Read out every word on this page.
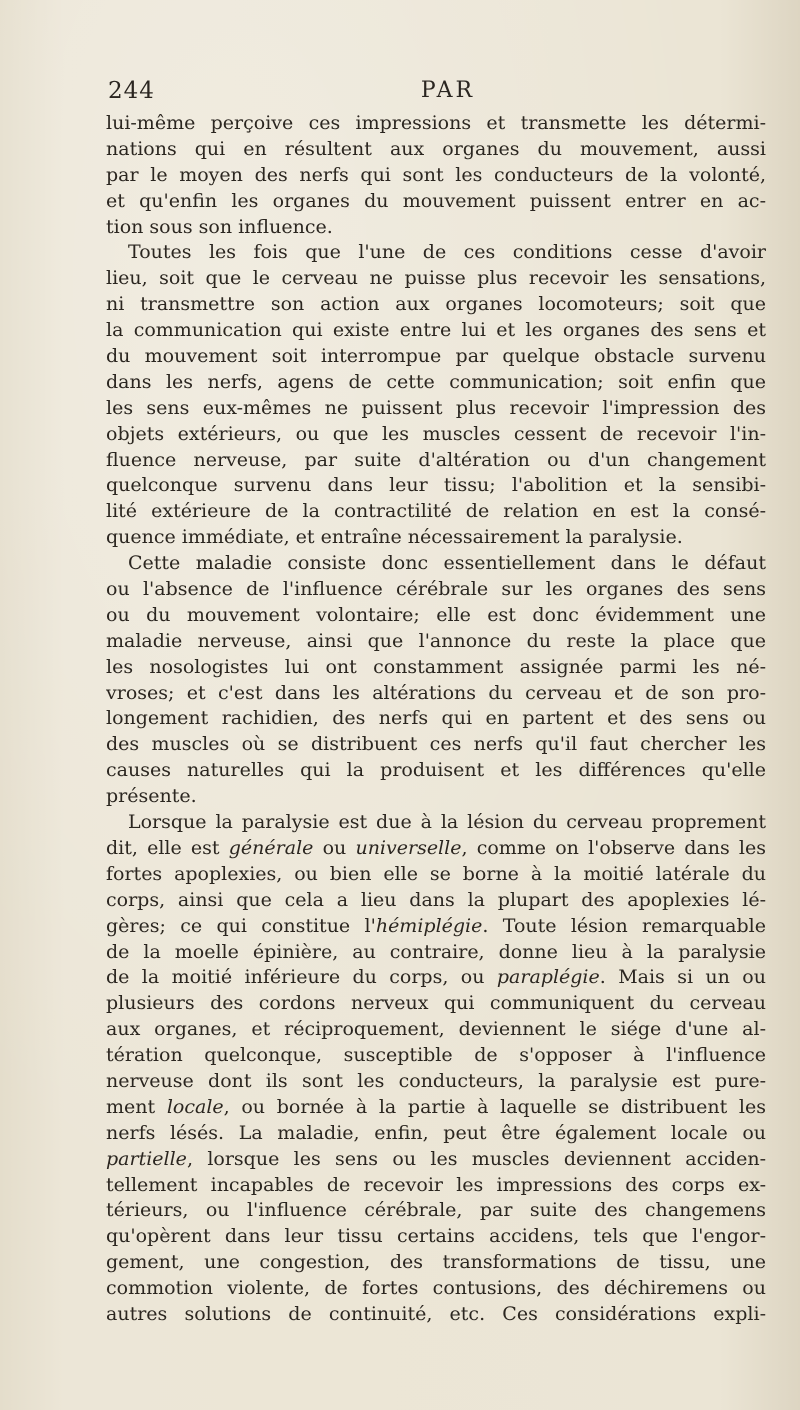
244	PAR
lui-même perçoive ces impressions et transmette les détermi-
nations qui en résultent aux organes du mouvement, aussi
par le moyen des nerfs qui sont les conducteurs de la volonté,
et qu'enfin les organes du mouvement puissent entrer en ac-
tion sous son influence.
Toutes les fois que l'une de ces conditions cesse d'avoir
lieu, soit que le cerveau ne puisse plus recevoir les sensations,
ni transmettre son action aux organes locomoteurs; soit que
la communication qui existe entre lui et les organes des sens et
du mouvement soit interrompue par quelque obstacle survenu
dans les nerfs, agens de cette communication; soit enfin que
les sens eux-mêmes ne puissent plus recevoir l'impression des
objets extérieurs, ou que les muscles cessent de recevoir l'in-
fluence nerveuse, par suite d'altération ou d'un changement
quelconque survenu dans leur tissu; l'abolition et la sensibi-
lité extérieure de la contractilité de relation en est la consé-
quence immédiate, et entraîne nécessairement la paralysie.
Cette maladie consiste donc essentiellement dans le défaut
ou l'absence de l'influence cérébrale sur les organes des sens
ou du mouvement volontaire; elle est donc évidemment une
maladie nerveuse, ainsi que l'annonce du reste la place que
les nosologistes lui ont constamment assignée parmi les né-
vroses; et c'est dans les altérations du cerveau et de son pro-
longement rachidien, des nerfs qui en partent et des sens ou
des muscles où se distribuent ces nerfs qu'il faut chercher les
causes naturelles qui la produisent et les différences qu'elle
présente.
Lorsque la paralysie est due à la lésion du cerveau proprement
dit, elle est générale ou universelle, comme on l'observe dans les
fortes apoplexies, ou bien elle se borne à la moitié latérale du
corps, ainsi que cela a lieu dans la plupart des apoplexies lé-
gères; ce qui constitue l'hémiplégie. Toute lésion remarquable
de la moelle épinière, au contraire, donne lieu à la paralysie
de la moitié inférieure du corps, ou paraplégie. Mais si un ou
plusieurs des cordons nerveux qui communiquent du cerveau
aux organes, et réciproquement, deviennent le siége d'une al-
tération quelconque, susceptible de s'opposer à l'influence
nerveuse dont ils sont les conducteurs, la paralysie est pure-
ment locale, ou bornée à la partie à laquelle se distribuent les
nerfs lésés. La maladie, enfin, peut être également locale ou
partielle, lorsque les sens ou les muscles deviennent acciden-
tellement incapables de recevoir les impressions des corps ex-
térieurs, ou l'influence cérébrale, par suite des changemens
qu'opèrent dans leur tissu certains accidens, tels que l'engor-
gement, une congestion, des transformations de tissu, une
commotion violente, de fortes contusions, des déchiremens ou
autres solutions de continuité, etc. Ces considérations expli-
